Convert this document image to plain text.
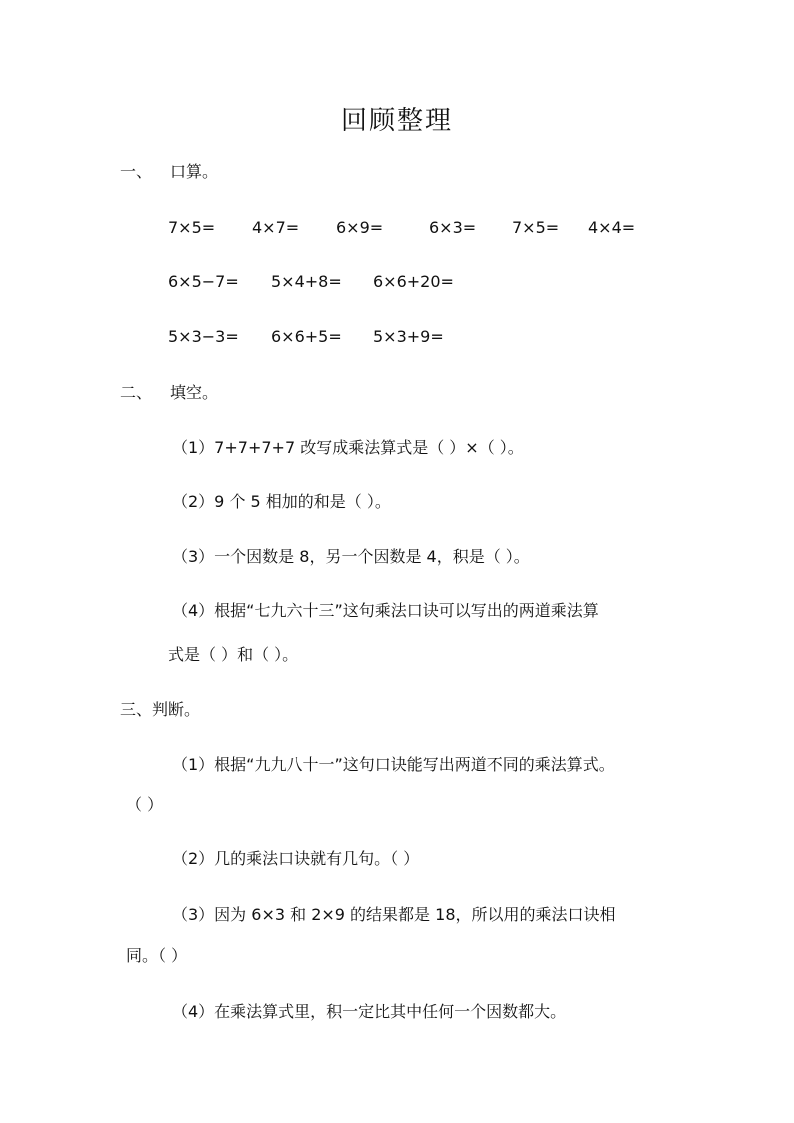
回顾整理
一、 口算。
7×5= 4×7= 6×9=	6×3= 7×5= 4×4=
6×5−7= 5×4+8= 6×6+20=
5×3−3= 6×6+5= 5×3+9=
二、 填空。
（1）7+7+7+7 改写成乘法算式是（ ）×（ ）。
（2）9 个 5 相加的和是（ ）。
（3）一个因数是 8，另一个因数是 4，积是（ ）。
（4）根据“七九六十三”这句乘法口诀可以写出的两道乘法算
式是（ ）和（ ）。
三、判断。
（1）根据“九九八十一”这句口诀能写出两道不同的乘法算式。
（ ）
（2）几的乘法口诀就有几句。（ ）
（3）因为 6×3 和 2×9 的结果都是 18，所以用的乘法口诀相
同。（ ）
（4）在乘法算式里，积一定比其中任何一个因数都大。
